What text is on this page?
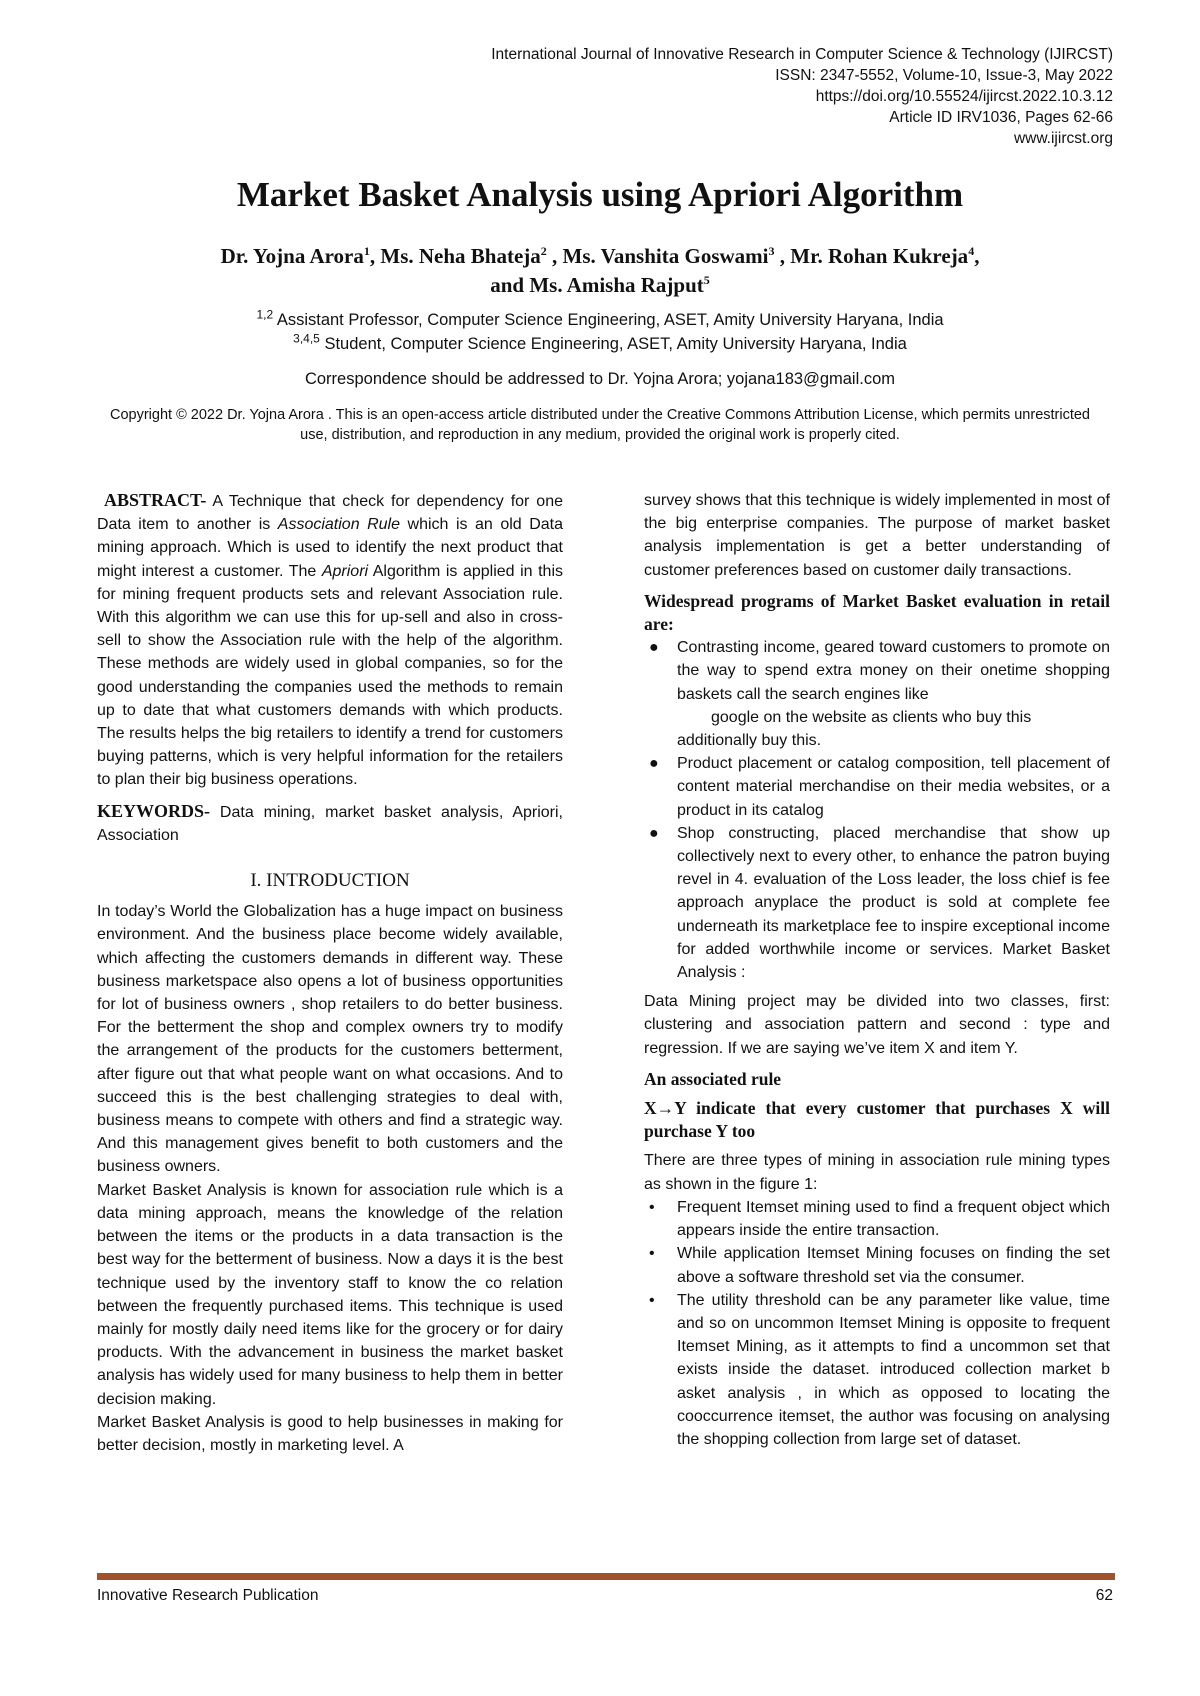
International Journal of Innovative Research in Computer Science & Technology (IJIRCST)
ISSN: 2347-5552, Volume-10, Issue-3, May 2022
https://doi.org/10.55524/ijircst.2022.10.3.12
Article ID IRV1036, Pages 62-66
www.ijircst.org
Market Basket Analysis using Apriori Algorithm
Dr. Yojna Arora$^1$, Ms. Neha Bhateja$^2$ , Ms. Vanshita Goswami$^3$ , Mr. Rohan Kukreja$^4$,
and Ms. Amisha Rajput$^5$
$^{1,2}$ Assistant Professor, Computer Science Engineering, ASET, Amity University Haryana, India
$^{3,4,5}$ Student, Computer Science Engineering, ASET, Amity University Haryana, India
Correspondence should be addressed to Dr. Yojna Arora; yojana183@gmail.com
Copyright © 2022 Dr. Yojna Arora . This is an open-access article distributed under the Creative Commons Attribution License, which permits unrestricted use, distribution, and reproduction in any medium, provided the original work is properly cited.

ABSTRACT- A Technique that check for dependency for one Data item to another is Association Rule which is an old Data mining approach. Which is used to identify the next product that might interest a customer. The Apriori Algorithm is applied in this for mining frequent products sets and relevant Association rule. With this algorithm we can use this for up-sell and also in cross-sell to show the Association rule with the help of the algorithm. These methods are widely used in global companies, so for the good understanding the companies used the methods to remain up to date that what customers demands with which products. The results helps the big retailers to identify a trend for customers buying patterns, which is very helpful information for the retailers to plan their big business operations.

KEYWORDS- Data mining, market basket analysis, Apriori, Association

I. INTRODUCTION

In today’s World the Globalization has a huge impact on business environment. And the business place become widely available, which affecting the customers demands in different way. These business marketspace also opens a lot of business opportunities for lot of business owners , shop retailers to do better business. For the betterment the shop and complex owners try to modify the arrangement of the products for the customers betterment, after figure out that what people want on what occasions. And to succeed this is the best challenging strategies to deal with, business means to compete with others and find a strategic way. And this management gives benefit to both customers and the business owners.

Market Basket Analysis is known for association rule which is a data mining approach, means the knowledge of the relation between the items or the products in a data transaction is the best way for the betterment of business. Now a days it is the best technique used by the inventory staff to know the co relation between the frequently purchased items. This technique is used mainly for mostly daily need items like for the grocery or for dairy products. With the advancement in business the market basket analysis has widely used for many business to help them in better decision making.

Market Basket Analysis is good to help businesses in making for better decision, mostly in marketing level. A

survey shows that this technique is widely implemented in most of the big enterprise companies. The purpose of market basket analysis implementation is get a better understanding of customer preferences based on customer daily transactions.

Widespread programs of Market Basket evaluation in retail are:

● Contrasting income, geared toward customers to promote on the way to spend extra money on their onetime shopping baskets call the search engines like
google on the website as clients who buy this
additionally buy this.
● Product placement or catalog composition, tell placement of content material merchandise on their media websites, or a product in its catalog
● Shop constructing, placed merchandise that show up collectively next to every other, to enhance the patron buying revel in 4. evaluation of the Loss leader, the loss chief is fee approach anyplace the product is sold at complete fee underneath its marketplace fee to inspire exceptional income for added worthwhile income or services. Market Basket Analysis :

Data Mining project may be divided into two classes, first: clustering and association pattern and second : type and regression. If we are saying we’ve item X and item Y.

An associated rule

X→Y indicate that every customer that purchases X will purchase Y too

There are three types of mining in association rule mining types as shown in the figure 1:

• Frequent Itemset mining used to find a frequent object which appears inside the entire transaction.
• While application Itemset Mining focuses on finding the set above a software threshold set via the consumer.
• The utility threshold can be any parameter like value, time and so on uncommon Itemset Mining is opposite to frequent Itemset Mining, as it attempts to find a uncommon set that exists inside the dataset. introduced collection market b asket analysis , in which as opposed to locating the cooccurrence itemset, the author was focusing on analysing the shopping collection from large set of dataset.
Innovative Research Publication	62
